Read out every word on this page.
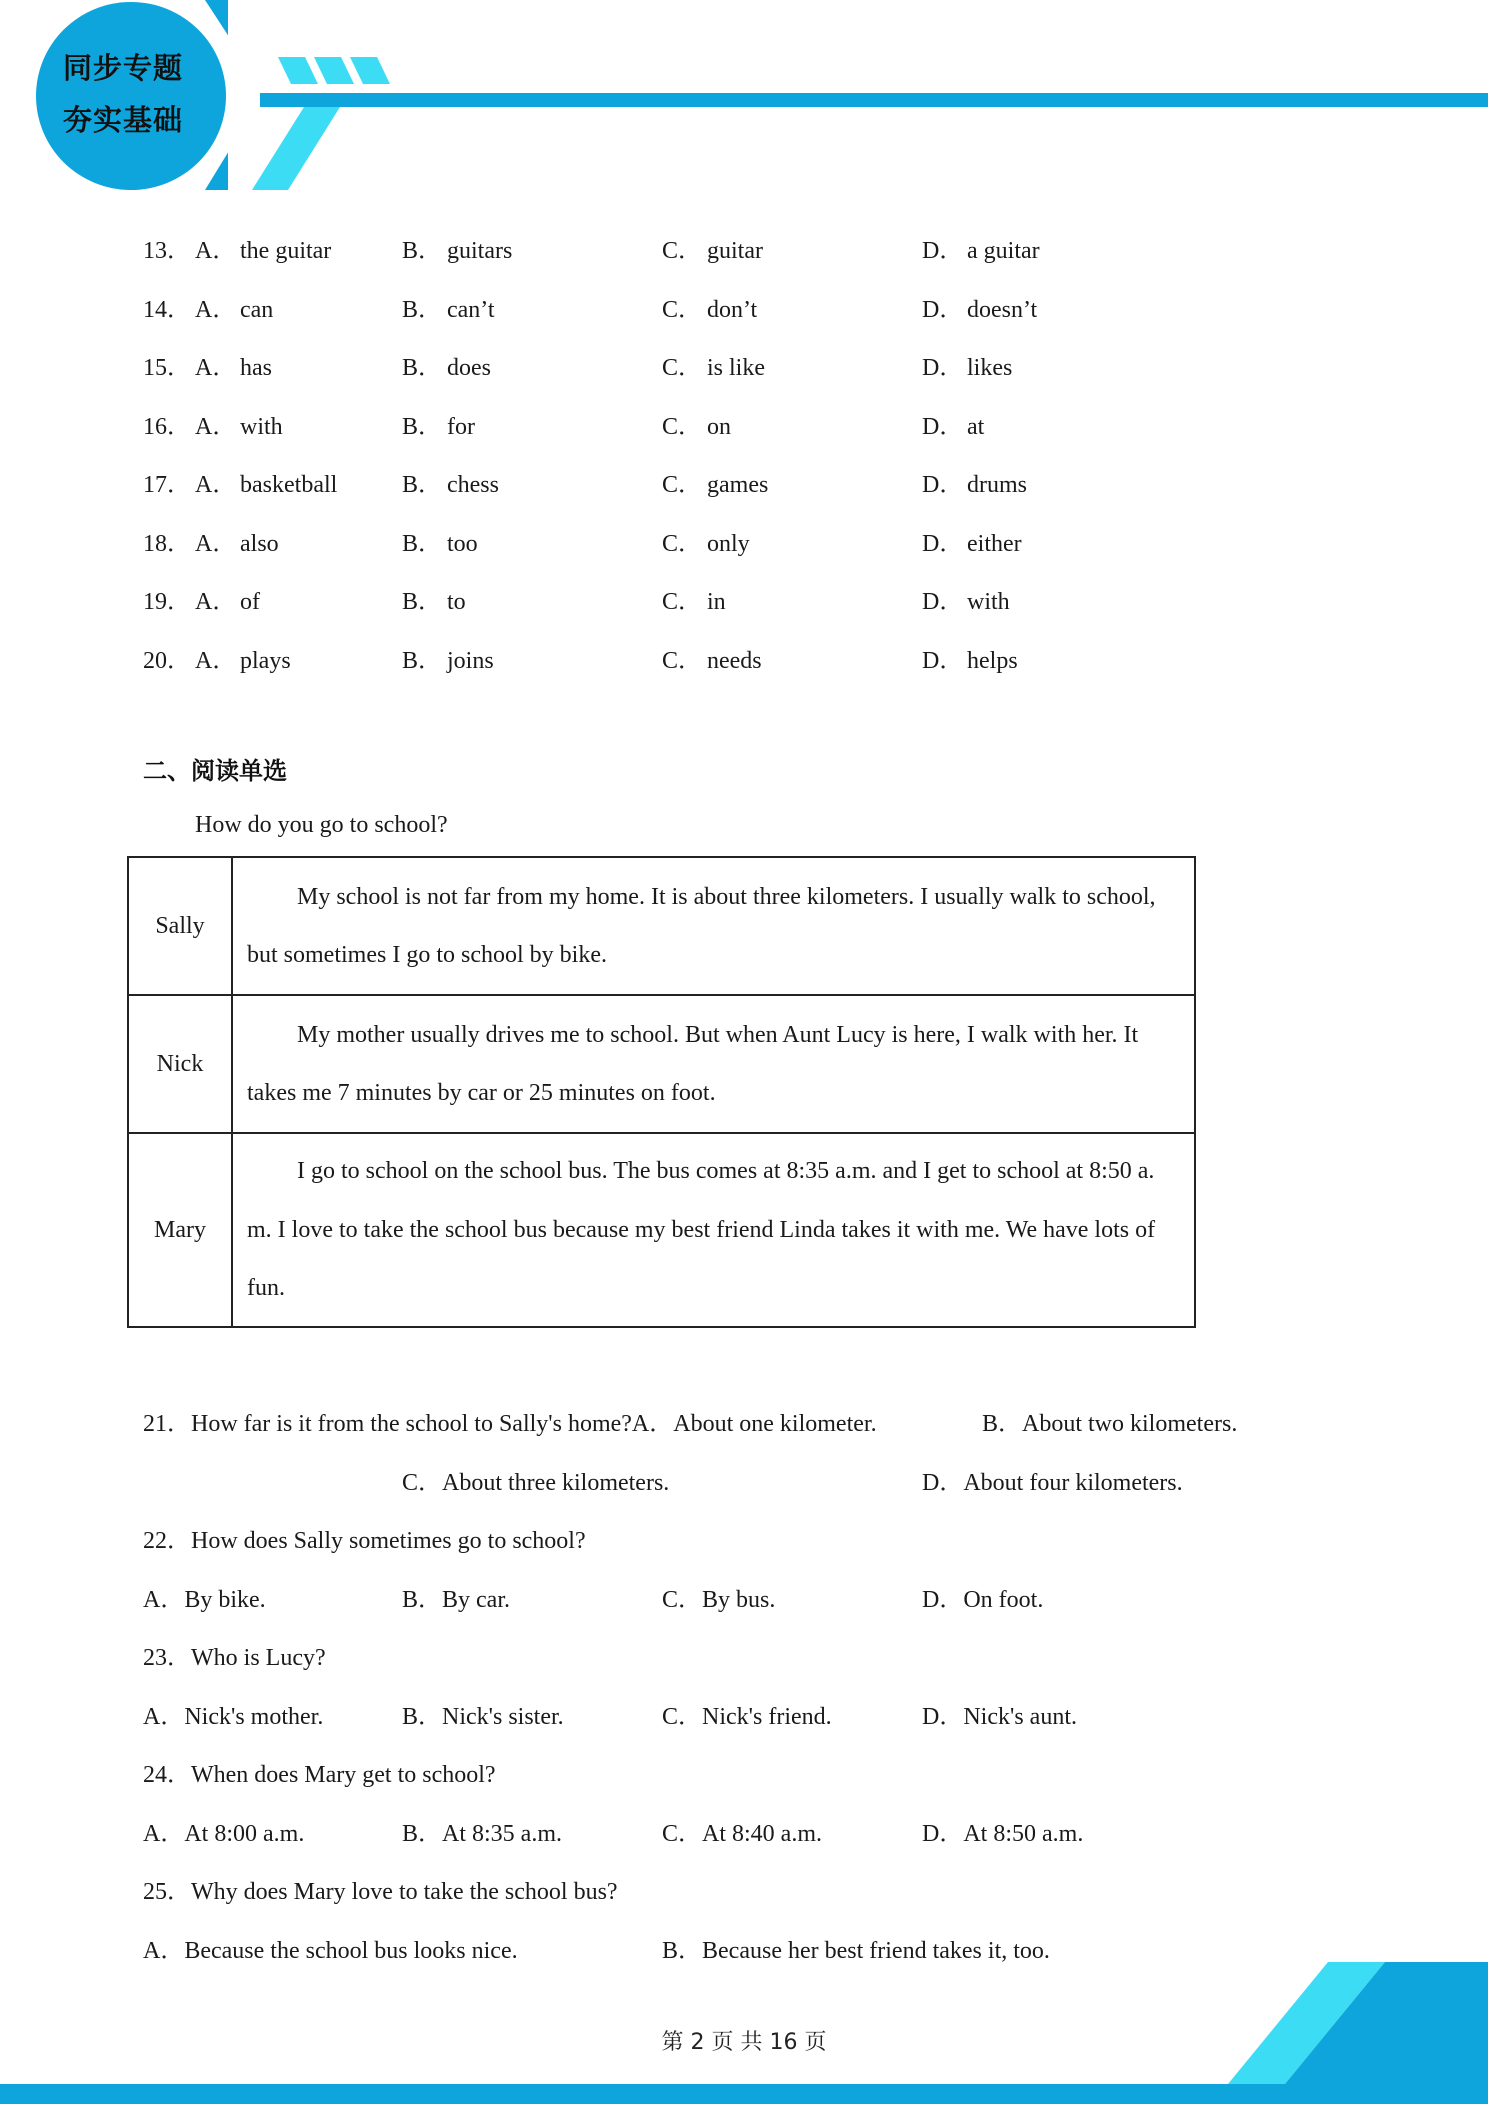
同步专题
夯实基础
13． A． the guitar	B． guitars	C． guitar	D． a guitar
14． A． can	B． can’t	C． don’t	D． doesn’t
15． A． has	B． does	C． is like	D． likes
16． A． with	B． for	C． on	D． at
17． A． basketball	B． chess	C． games	D． drums
18． A． also	B． too	C． only	D． either
19． A． of	B． to	C． in	D． with
20． A． plays	B． joins	C． needs	D． helps
二、阅读单选
How do you go to school?
Sally	My school is not far from my home. It is about three kilometers. I usually walk to school, but sometimes I go to school by bike.
Nick	My mother usually drives me to school. But when Aunt Lucy is here, I walk with her. It takes me 7 minutes by car or 25 minutes on foot.
Mary	I go to school on the school bus. The bus comes at 8:35 a.m. and I get to school at 8:50 a. m. I love to take the school bus because my best friend Linda takes it with me. We have lots of fun.
21．How far is it from the school to Sally's home?A．About one kilometer.	B．About two kilometers.
C．About three kilometers.	D．About four kilometers.
22．How does Sally sometimes go to school?
A．By bike.	B．By car.	C．By bus.	D．On foot.
23．Who is Lucy?
A．Nick's mother.	B．Nick's sister.	C．Nick's friend.	D．Nick's aunt.
24．When does Mary get to school?
A．At 8:00 a.m.	B．At 8:35 a.m.	C．At 8:40 a.m.	D．At 8:50 a.m.
25．Why does Mary love to take the school bus?
A．Because the school bus looks nice.	B．Because her best friend takes it, too.
第 2 页 共 16 页
